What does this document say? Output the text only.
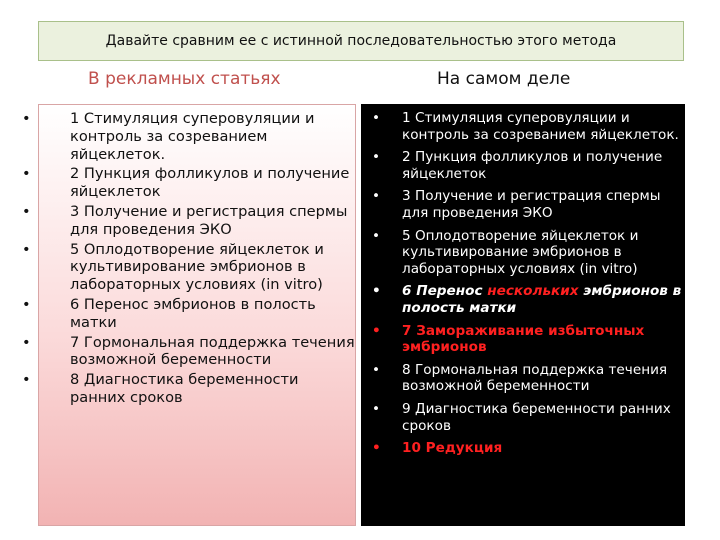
Давайте сравним ее с истинной последовательностью этого метода
В рекламных статьях	На самом деле
•	1 Стимуляция суперовуляции и контроль за созреванием яйцеклеток.
•	2 Пункция фолликулов и получение яйцеклеток
•	3 Получение и регистрация спермы для проведения ЭКО
•	5 Оплодотворение яйцеклеток и культивирование эмбрионов в лабораторных условиях (in vitro)
•	6 Перенос эмбрионов в полость матки
•	7 Гормональная поддержка течения возможной беременности
•	8 Диагностика беременности ранних сроков
• 1 Стимуляция суперовуляции и контроль за созреванием яйцеклеток.
• 2 Пункция фолликулов и получение яйцеклеток
• 3 Получение и регистрация спермы для проведения ЭКО
• 5 Оплодотворение яйцеклеток и культивирование эмбрионов в лабораторных условиях (in vitro)
• 6 Перенос нескольких эмбрионов в полость матки
• 7 Замораживание избыточных эмбрионов
• 8 Гормональная поддержка течения возможной беременности
• 9 Диагностика беременности ранних сроков
• 10 Редукция
